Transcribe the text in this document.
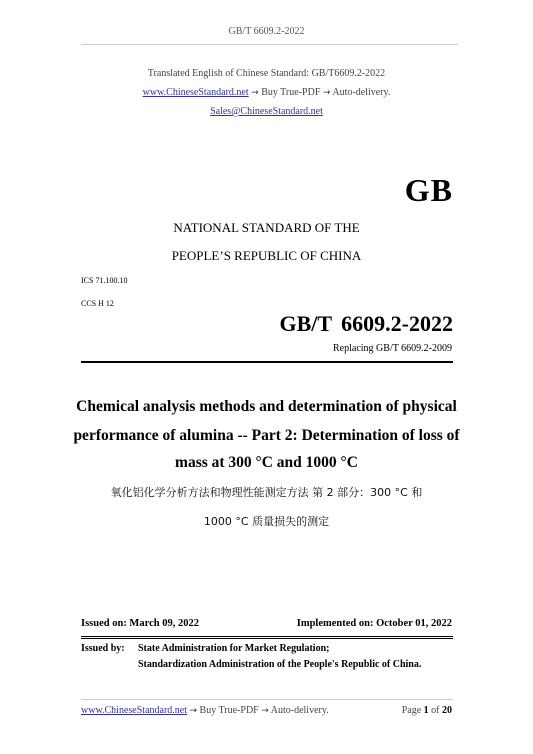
GB/T 6609.2-2022
Translated English of Chinese Standard: GB/T6609.2-2022
www.ChineseStandard.net → Buy True-PDF → Auto-delivery.
Sales@ChineseStandard.net
GB
NATIONAL STANDARD OF THE
PEOPLE’S REPUBLIC OF CHINA
ICS 71.100.10
CCS H 12
GB/T 6609.2-2022
Replacing GB/T 6609.2-2009
Chemical analysis methods and determination of physical
performance of alumina -- Part 2: Determination of loss of
mass at 300 °C and 1000 °C
氧化铝化学分析方法和物理性能测定方法 第 2 部分：300 °C 和
1000 °C 质量损失的测定
Issued on: March 09, 2022	Implemented on: October 01, 2022
Issued by: State Administration for Market Regulation;
Standardization Administration of the People's Republic of China.
www.ChineseStandard.net → Buy True-PDF → Auto-delivery.	Page 1 of 20
